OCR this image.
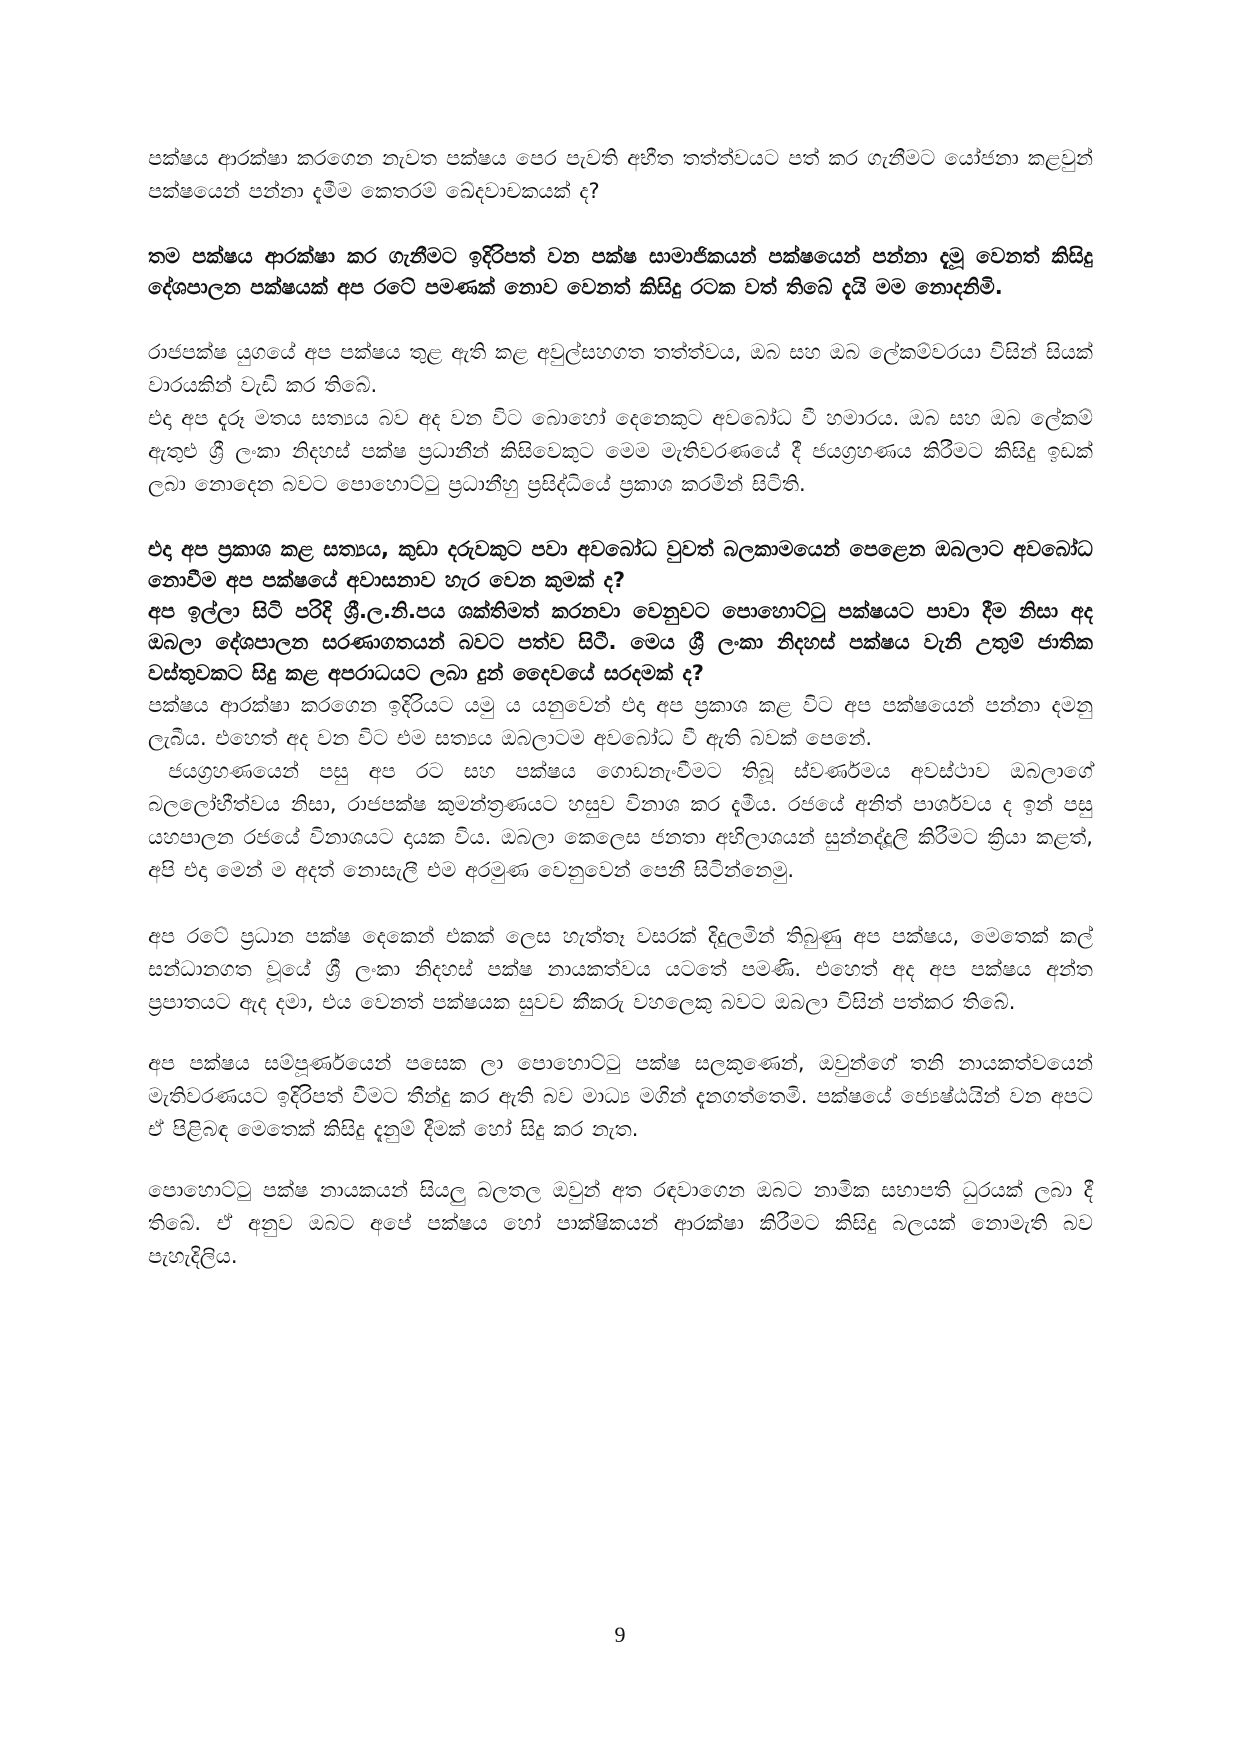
පක්ෂය ආරක්ෂා කරගෙන නැවත පක්ෂය පෙර පැවති අභීත තත්ත්වයට පත් කර ගැනීමට යෝජනා කළවුන් පක්ෂයෙන් පන්නා දැමීම කෙතරම් ඛේදවාචකයක් ද?

තම පක්ෂය ආරක්ෂා කර ගැනීමට ඉදිරිපත් වන පක්ෂ සාමාජිකයන් පක්ෂයෙන් පන්නා දැමූ වෙනත් කිසිදු දේශපාලන පක්ෂයක් අප රටේ පමණක් නොව වෙනත් කිසිදු රටක වත් තිබේ දැයි මම නොදනිමි.

රාජපක්ෂ යුගයේ අප පක්ෂය තුළ ඇති කළ අවුල්සහගත තත්ත්වය, ඔබ සහ ඔබ ලේකම්වරයා විසින් සියක් වාරයකින් වැඩි කර තිබේ.

එදා අප දැරූ මතය සත්‍යය බව අද වන විට බොහෝ දෙනෙකුට අවබෝධ වී හමාරය. ඔබ සහ ඔබ ලේකම් ඇතුළු ශ්‍රී ලංකා නිදහස් පක්ෂ ප්‍රධානීන් කිසිවෙකුට මෙම මැතිවරණයේ දී ජයග්‍රහණය කිරීමට කිසිදු ඉඩක් ලබා නොදෙන බවට පොහොට්ටු ප්‍රධානීහු ප්‍රසිද්ධියේ ප්‍රකාශ කරමින් සිටිති.

එදා අප ප්‍රකාශ කළ සත්‍යය, කුඩා දරුවකුට පවා අවබෝධ වුවත් බලකාමයෙන් පෙළෙන ඔබලාට අවබෝධ නොවීම අප පක්ෂයේ අවාසනාව හැර වෙන කුමක් ද?

අප ඉල්ලා සිටි පරිදි ශ්‍රී.ල.නි.පය ශක්තිමත් කරනවා වෙනුවට පොහොට්ටු පක්ෂයට පාවා දීම නිසා අද ඔබලා දේශපාලන සරණාගතයන් බවට පත්ව සිටී. මෙය ශ්‍රී ලංකා නිදහස් පක්ෂය වැනි උතුම් ජාතික වස්තුවකට සිදු කළ අපරාධයට ලබා දුන් දෛවයේ සරදමක් ද?

පක්ෂය ආරක්ෂා කරගෙන ඉදිරියට යමු ය යනුවෙන් එදා අප ප්‍රකාශ කළ විට අප පක්ෂයෙන් පන්නා දමනු ලැබීය. එහෙත් අද වන විට එම සත්‍යය ඔබලාටම අවබෝධ වී ඇති බවක් පෙනේ.

ජයග්‍රහණයෙන් පසු අප රට සහ පක්ෂය ගොඩනැංවීමට තිබූ ස්වර්ණමය අවස්ථාව ඔබලාගේ බලලෝභීත්වය නිසා, රාජපක්ෂ කුමන්ත්‍රණයට හසුව විනාශ කර දැමීය. රජයේ අනිත් පාර්ශවය ද ඉන් පසු යහපාලන රජයේ විනාශයට දායක විය. ඔබලා කෙලෙස ජනතා අභිලාශයන් සුන්නද්දූලි කිරීමට ක්‍රියා කළත්, අපි එදා මෙන් ම අදත් නොසැලී එම අරමුණ වෙනුවෙන් පෙනී සිටින්නෙමු.

අප රටේ ප්‍රධාන පක්ෂ දෙකෙන් එකක් ලෙස හැත්තෑ වසරක් දිදුලමින් තිබුණු අප පක්ෂය, මෙතෙක් කල් සන්ධානගත වූයේ ශ්‍රී ලංකා නිදහස් පක්ෂ නායකත්වය යටතේ පමණි. එහෙත් අද අප පක්ෂය අන්ත ප්‍රපාතයට ඇද දමා, එය වෙනත් පක්ෂයක සුවච කීකරු වහලෙකු බවට ඔබලා විසින් පත්කර තිබේ.

අප පක්ෂය සම්පූර්ණයෙන් පසෙක ලා පොහොට්ටු පක්ෂ සලකුණෙන්, ඔවුන්ගේ තනි නායකත්වයෙන් මැතිවරණයට ඉදිරිපත් වීමට තීන්දු කර ඇති බව මාධ්‍ය මගින් දැනගත්තෙමි. පක්ෂයේ ජ්‍යෙෂ්ඨයින් වන අපට ඒ පිළිබඳ මෙතෙක් කිසිදු දැනුම් දීමක් හෝ සිදු කර නැත.

පොහොට්ටු පක්ෂ නායකයන් සියලු බලතල ඔවුන් අත රඳවාගෙන ඔබට නාමික සභාපති ධුරයක් ලබා දී තිබේ. ඒ අනුව ඔබට අපේ පක්ෂය හෝ පාක්ෂිකයන් ආරක්ෂා කිරීමට කිසිදු බලයක් නොමැති බව පැහැදිලිය.

9
